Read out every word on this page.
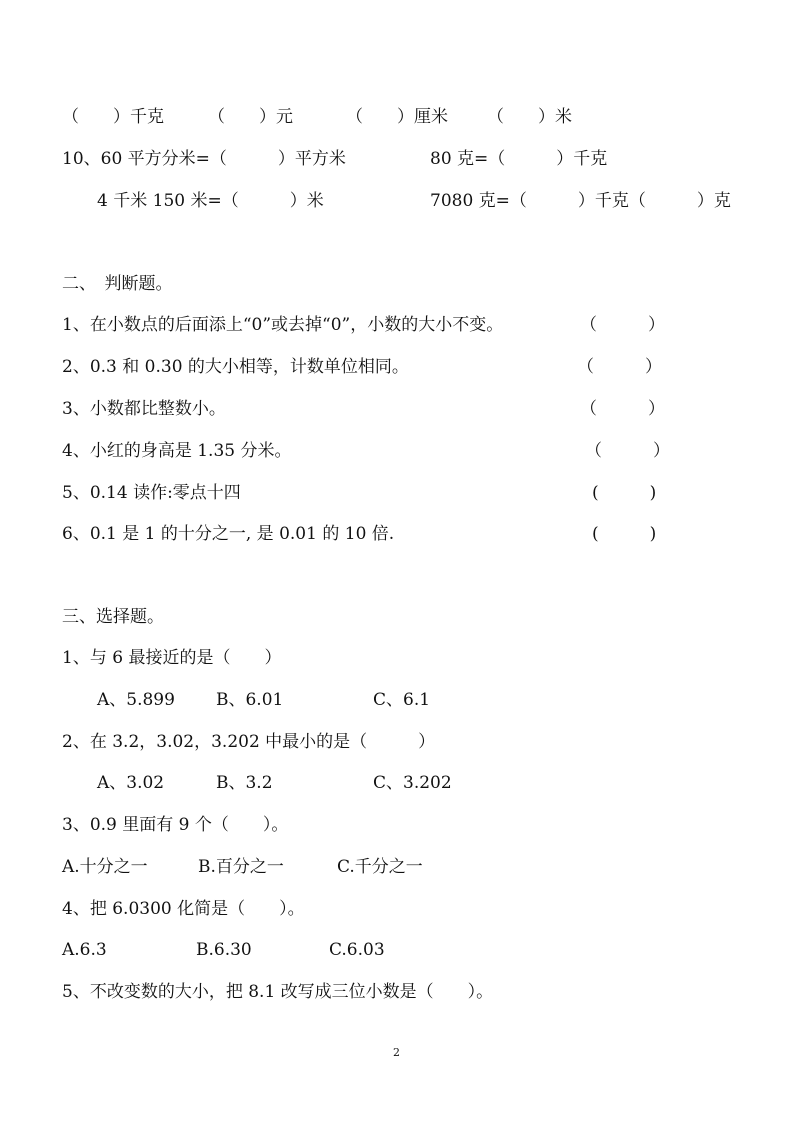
（　　）千克	（　　）元	（　　）厘米 （　　）米
10、60 平方分米=（　　　）平方米	80 克=（　　　）千克
4 千米 150 米=（　　　）米	7080 克=（　　　）千克（　　　）克
二、　判断题。
1、在小数点的后面添上“0”或去掉“0”，小数的大小不变。	（　　　）
2、0.3 和 0.30 的大小相等，计数单位相同。	（　　　）
3、小数都比整数小。	（　　　）
4、小红的身高是 1.35 分米。	（　　　）
5、0.14 读作:零点十四	(　　　)
6、0.1 是 1 的十分之一, 是 0.01 的 10 倍.	(　　　)
三、选择题。
1、与 6 最接近的是（　　）
A、5.899 B、6.01	C、6.1
2、在 3.2，3.02，3.202 中最小的是（　　　）
A、3.02	B、3.2	C、3.202
3、0.9 里面有 9 个（　　）。
A.十分之一	B.百分之一	C.千分之一
4、把 6.0300 化简是（　　）。
A.6.3	B.6.30	C.6.03
5、不改变数的大小，把 8.1 改写成三位小数是（　　）。
2
